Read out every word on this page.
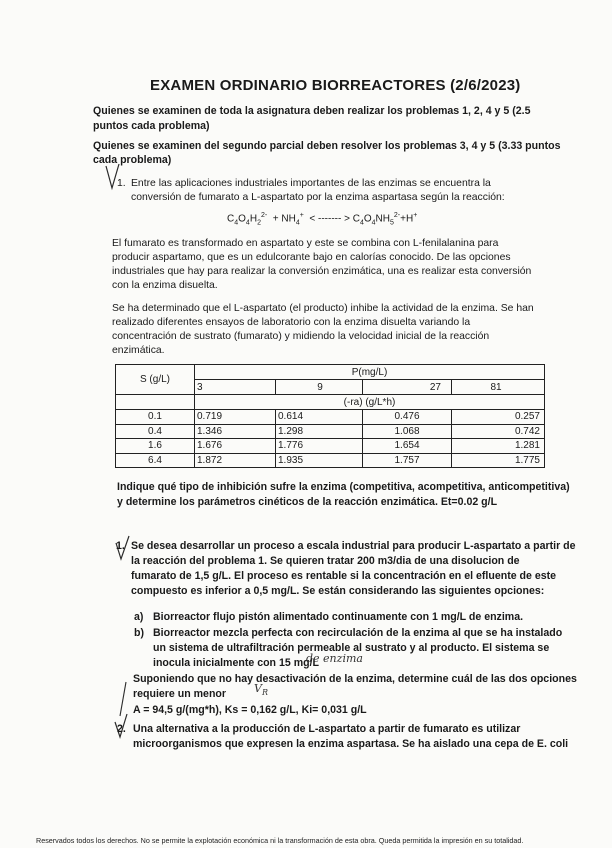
EXAMEN ORDINARIO BIORREACTORES (2/6/2023)

Quienes se examinen de toda la asignatura deben realizar los problemas 1, 2, 4 y 5 (2.5

puntos cada problema)

Quienes se examinen del segundo parcial deben resolver los problemas 3, 4 y 5 (3.33 puntos

cada problema)

1. Entre las aplicaciones industriales importantes de las enzimas se encuentra la

conversión de fumarato a L-aspartato por la enzima aspartasa según la reacción:

$C_4O_4H_2^{2-} + NH_4^+$  < ------- > $C_4O_4NH_5^{2-}+H^+$

El fumarato es transformado en aspartato y este se combina con L-fenilalanina para

producir aspartamo, que es un edulcorante bajo en calorías conocido. De las opciones

industriales que hay para realizar la conversión enzimática, una es realizar esta conversión

con la enzima disuelta.

Se ha determinado que el L-aspartato (el producto) inhibe la actividad de la enzima. Se han

realizado diferentes ensayos de laboratorio con la enzima disuelta variando la

concentración de sustrato (fumarato) y midiendo la velocidad inicial de la reacción

enzimática.

S (g/L)	P(mg/L)			
	3	9	27	81
	(-ra) (g/L*h)			
0.1	0.719	0.614	0.476	0.257
0.4	1.346	1.298	1.068	0.742
1.6	1.676	1.776	1.654	1.281
6.4	1.872	1.935	1.757	1.775

Indique qué tipo de inhibición sufre la enzima (competitiva, acompetitiva, anticompetitiva)

y determine los parámetros cinéticos de la reacción enzimática. Et=0.02 g/L

1. Se desea desarrollar un proceso a escala industrial para producir L-aspartato a partir de

la reacción del problema 1. Se quieren tratar 200 m3/dia de una disolucion de

fumarato de 1,5 g/L. El proceso es rentable si la concentración en el efluente de este

compuesto es inferior a 0,5 mg/L. Se están considerando las siguientes opciones:

a) Biorreactor flujo pistón alimentado continuamente con 1 mg/L de enzima.

b) Biorreactor mezcla perfecta con recirculación de la enzima al que se ha instalado

un sistema de ultrafiltración permeable al sustrato y al producto. El sistema se

inocula inicialmente con 15 mg/L

de enzima

Suponiendo que no hay desactivación de la enzima, determine cuál de las dos opciones

requiere un menor	$V_R$

A = 94,5 g/(mg*h), Ks = 0,162 g/L, Ki= 0,031 g/L

2. Una alternativa a la producción de L-aspartato a partir de fumarato es utilizar

microorganismos que expresen la enzima aspartasa. Se ha aislado una cepa de E. coli

Reservados todos los derechos. No se permite la explotación económica ni la transformación de esta obra. Queda permitida la impresión en su totalidad.
